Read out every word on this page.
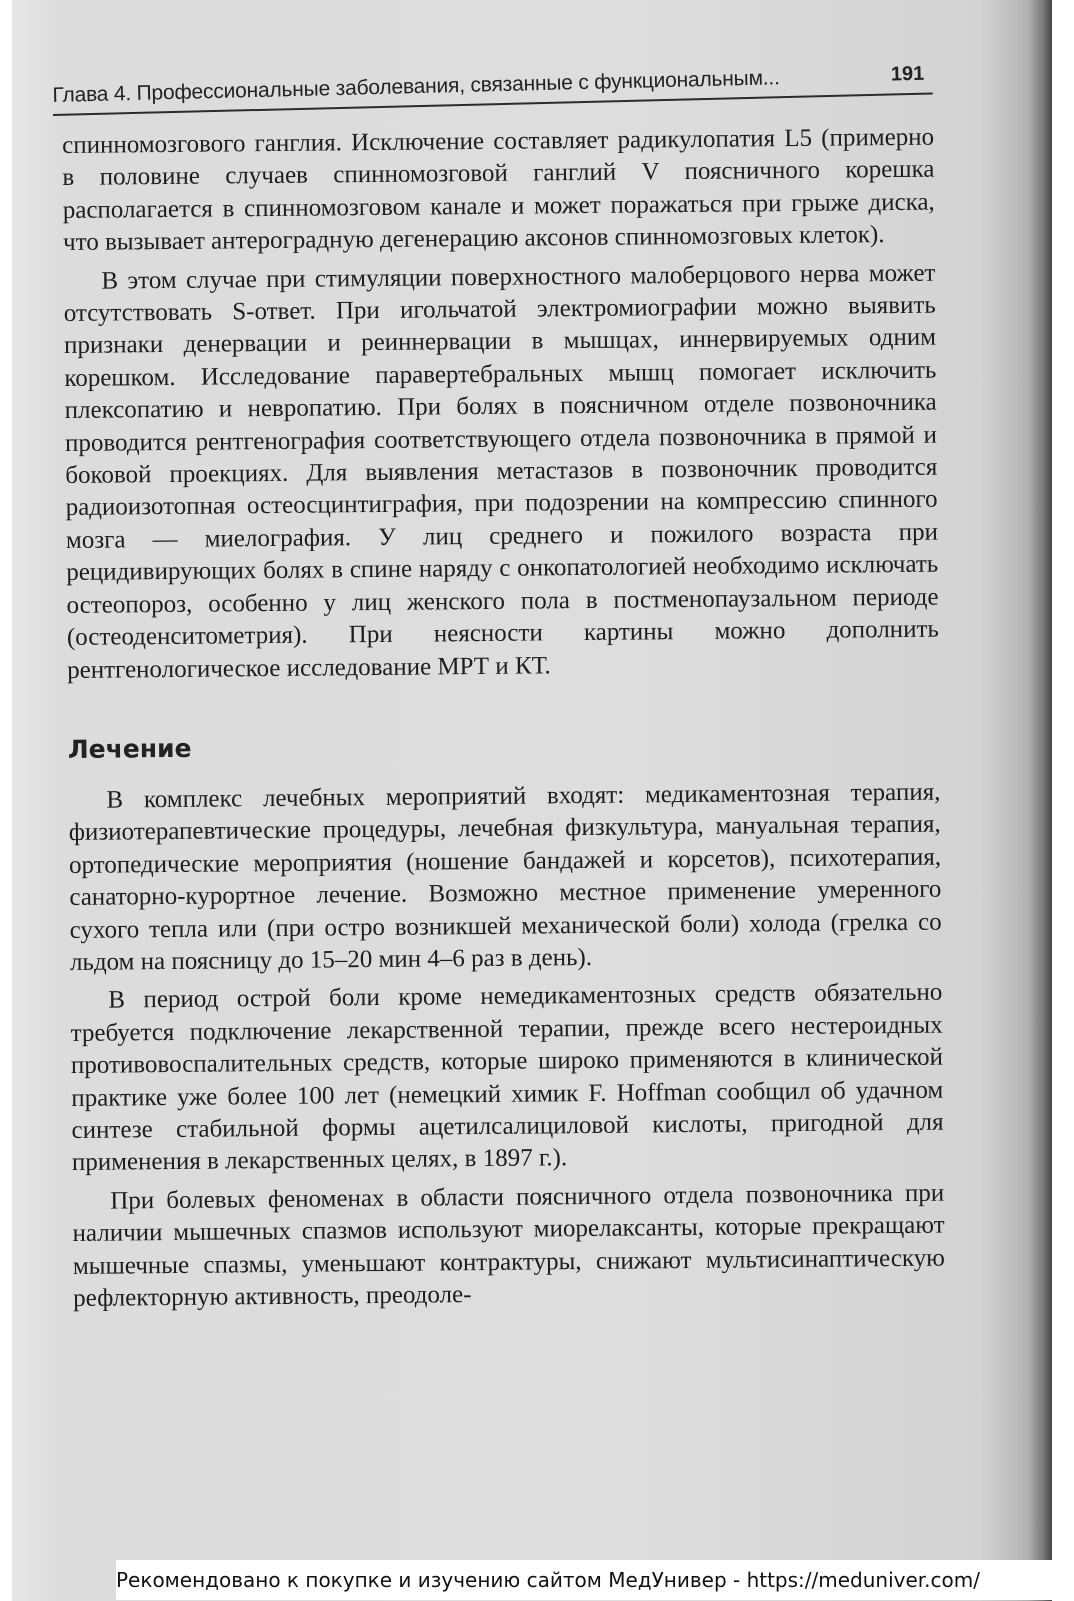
Глава 4. Профессиональные заболевания, связанные с функциональным...	191

спинномозгового ганглия. Исключение составляет радикулопатия L5 (примерно в половине случаев спинномозговой ганглий V поясничного корешка располагается в спинномозговом канале и может поражаться при грыже диска, что вызывает антероградную дегенерацию аксонов спинномозговых клеток).

В этом случае при стимуляции поверхностного малоберцового нерва может отсутствовать S-ответ. При игольчатой электромиографии можно выявить признаки денервации и реиннервации в мышцах, иннервируемых одним корешком. Исследование паравертебральных мышц помогает исключить плексопатию и невропатию. При болях в поясничном отделе позвоночника проводится рентгенография соответствующего отдела позвоночника в прямой и боковой проекциях. Для выявления метастазов в позвоночник проводится радиоизотопная остеосцинтиграфия, при подозрении на компрессию спинного мозга — миелография. У лиц среднего и пожилого возраста при рецидивирующих болях в спине наряду с онкопатологией необходимо исключать остеопороз, особенно у лиц женского пола в постменопаузальном периоде (остеоденситометрия). При неясности картины можно дополнить рентгенологическое исследование МРТ и КТ.

Лечение

В комплекс лечебных мероприятий входят: медикаментозная терапия, физиотерапевтические процедуры, лечебная физкультура, мануальная терапия, ортопедические мероприятия (ношение бандажей и корсетов), психотерапия, санаторно-курортное лечение. Возможно местное применение умеренного сухого тепла или (при остро возникшей механической боли) холода (грелка со льдом на поясницу до 15–20 мин 4–6 раз в день).

В период острой боли кроме немедикаментозных средств обязательно требуется подключение лекарственной терапии, прежде всего нестероидных противовоспалительных средств, которые широко применяются в клинической практике уже более 100 лет (немецкий химик F. Hoffman сообщил об удачном синтезе стабильной формы ацетилсалициловой кислоты, пригодной для применения в лекарственных целях, в 1897 г.).

При болевых феноменах в области поясничного отдела позвоночника при наличии мышечных спазмов используют миорелаксанты, которые прекращают мышечные спазмы, уменьшают контрактуры, снижают мультисинаптическую рефлекторную активность, преодоле-

Рекомендовано к покупке и изучению сайтом МедУнивер - https://meduniver.com/
